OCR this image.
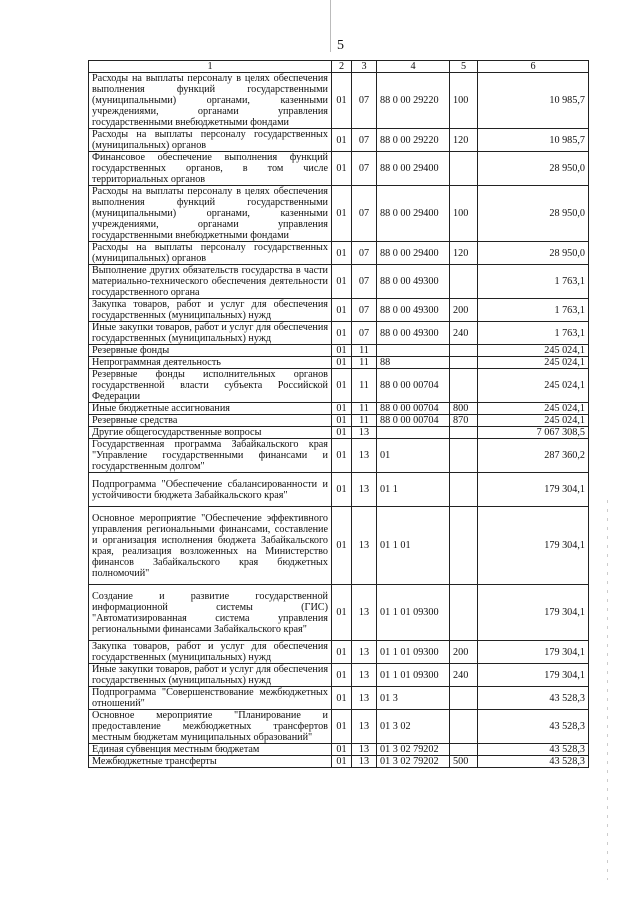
5
1	2	3	4	5	6
Расходы на выплаты персоналу в целях обеспечения выполнения функций государственными (муниципальными) органами, казенными учреждениями, органами управления государственными внебюджетными фондами	01	07	88 0 00 29220	100	10 985,7
Расходы на выплаты персоналу государственных (муниципальных) органов	01	07	88 0 00 29220	120	10 985,7
Финансовое обеспечение выполнения функций государственных органов, в том числе территориальных органов	01	07	88 0 00 29400		28 950,0
Расходы на выплаты персоналу в целях обеспечения выполнения функций государственными (муниципальными) органами, казенными учреждениями, органами управления государственными внебюджетными фондами	01	07	88 0 00 29400	100	28 950,0
Расходы на выплаты персоналу государственных (муниципальных) органов	01	07	88 0 00 29400	120	28 950,0
Выполнение других обязательств государства в части материально-технического обеспечения деятельности государственного органа	01	07	88 0 00 49300		1 763,1
Закупка товаров, работ и услуг для обеспечения государственных (муниципальных) нужд	01	07	88 0 00 49300	200	1 763,1
Иные закупки товаров, работ и услуг для обеспечения государственных (муниципальных) нужд	01	07	88 0 00 49300	240	1 763,1
Резервные фонды	01	11			245 024,1
Непрограммная деятельность	01	11	88		245 024,1
Резервные фонды исполнительных органов государственной власти субъекта Российской Федерации	01	11	88 0 00 00704		245 024,1
Иные бюджетные ассигнования	01	11	88 0 00 00704	800	245 024,1
Резервные средства	01	11	88 0 00 00704	870	245 024,1
Другие общегосударственные вопросы	01	13			7 067 308,5
Государственная программа Забайкальского края "Управление государственными финансами и государственным долгом"	01	13	01		287 360,2
Подпрограмма "Обеспечение сбалансированности и устойчивости бюджета Забайкальского края"	01	13	01 1		179 304,1
Основное мероприятие "Обеспечение эффективного управления региональными финансами, составление и организация исполнения бюджета Забайкальского края, реализация возложенных на Министерство финансов Забайкальского края бюджетных полномочий"	01	13	01 1 01		179 304,1
Создание и развитие государственной информационной системы (ГИС) "Автоматизированная система управления региональными финансами Забайкальского края"	01	13	01 1 01 09300		179 304,1
Закупка товаров, работ и услуг для обеспечения государственных (муниципальных) нужд	01	13	01 1 01 09300	200	179 304,1
Иные закупки товаров, работ и услуг для обеспечения государственных (муниципальных) нужд	01	13	01 1 01 09300	240	179 304,1
Подпрограмма "Совершенствование межбюджетных отношений"	01	13	01 3		43 528,3
Основное мероприятие "Планирование и предоставление межбюджетных трансфертов местным бюджетам муниципальных образований"	01	13	01 3 02		43 528,3
Единая субвенция местным бюджетам	01	13	01 3 02 79202		43 528,3
Межбюджетные трансферты	01	13	01 3 02 79202	500	43 528,3
